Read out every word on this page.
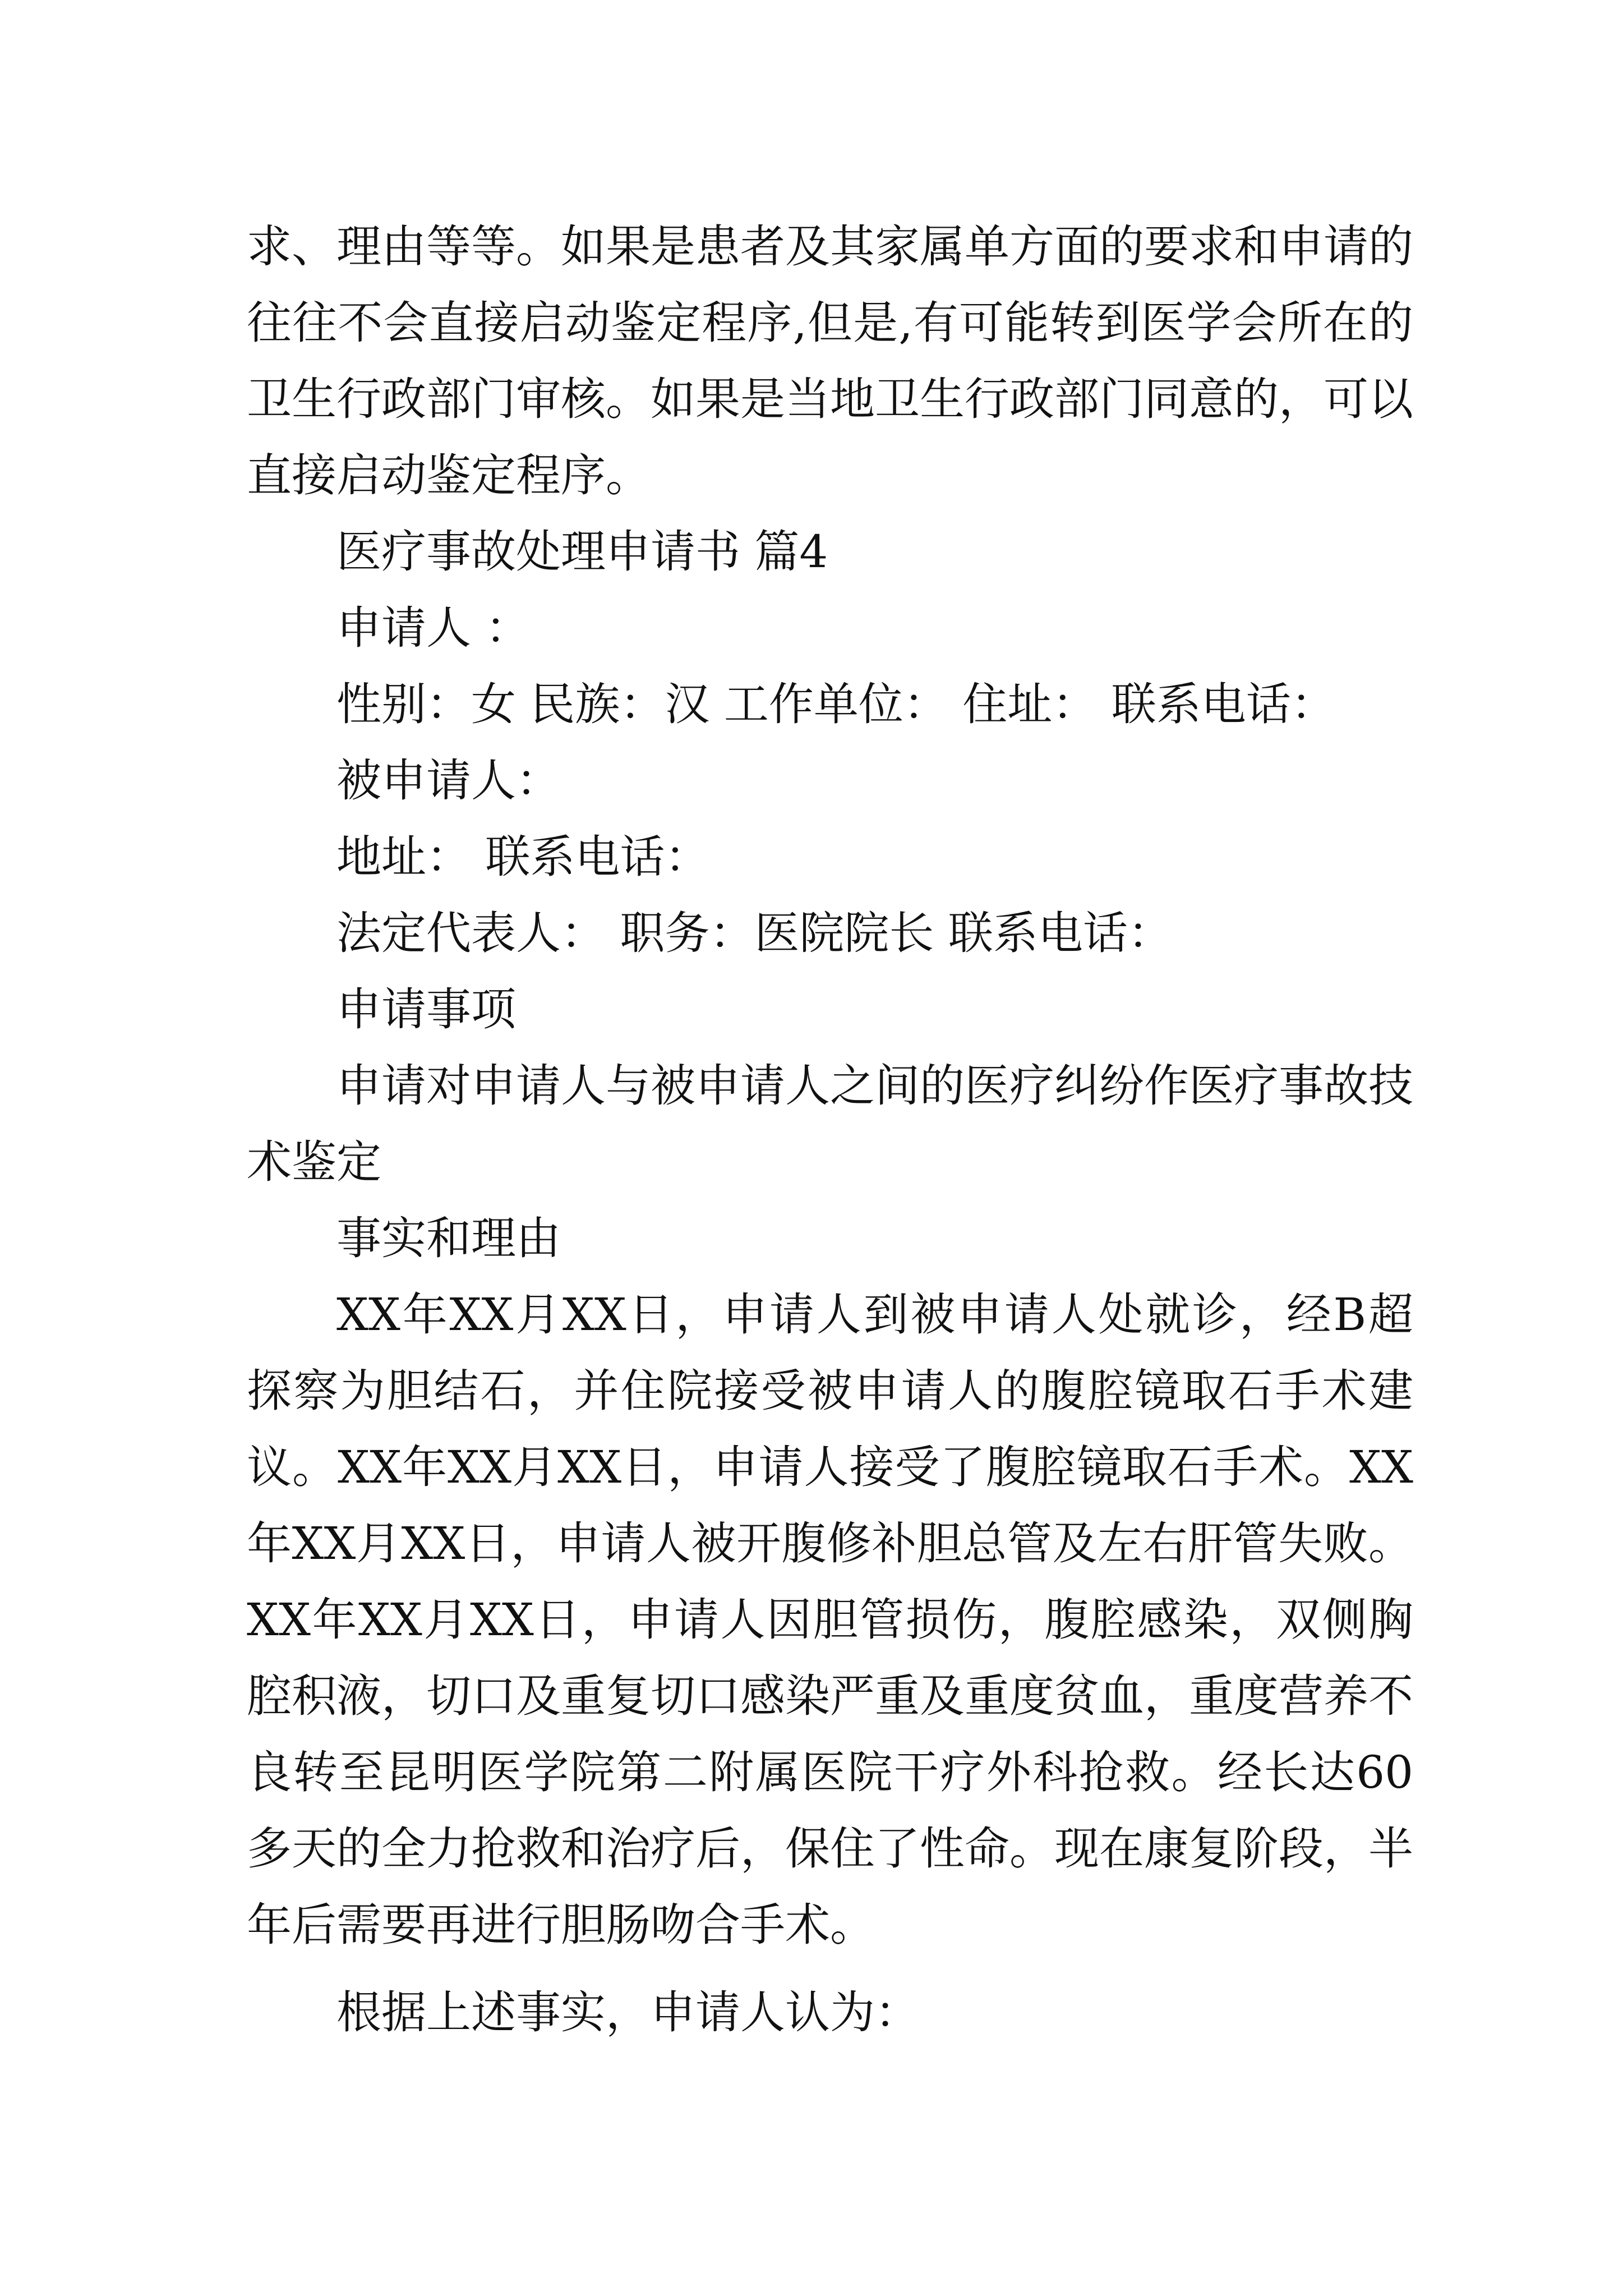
求、理由等等。如果是患者及其家属单方面的要求和申请的往往不会直接启动鉴定程序,但是,有可能转到医学会所在的卫生行政部门审核。如果是当地卫生行政部门同意的，可以直接启动鉴定程序。

医疗事故处理申请书 篇4

申请人 ：

性别：女 民族：汉 工作单位： 住址： 联系电话：

被申请人：

地址： 联系电话：

法定代表人： 职务：医院院长 联系电话：

申请事项

申请对申请人与被申请人之间的医疗纠纷作医疗事故技术鉴定

事实和理由

XX年XX月XX日，申请人到被申请人处就诊，经B超探察为胆结石，并住院接受被申请人的腹腔镜取石手术建议。XX年XX月XX日，申请人接受了腹腔镜取石手术。XX年XX月XX日，申请人被开腹修补胆总管及左右肝管失败。XX年XX月XX日，申请人因胆管损伤，腹腔感染，双侧胸腔积液，切口及重复切口感染严重及重度贫血，重度营养不良转至昆明医学院第二附属医院干疗外科抢救。经长达60多天的全力抢救和治疗后，保住了性命。现在康复阶段，半年后需要再进行胆肠吻合手术。

根据上述事实，申请人认为：
